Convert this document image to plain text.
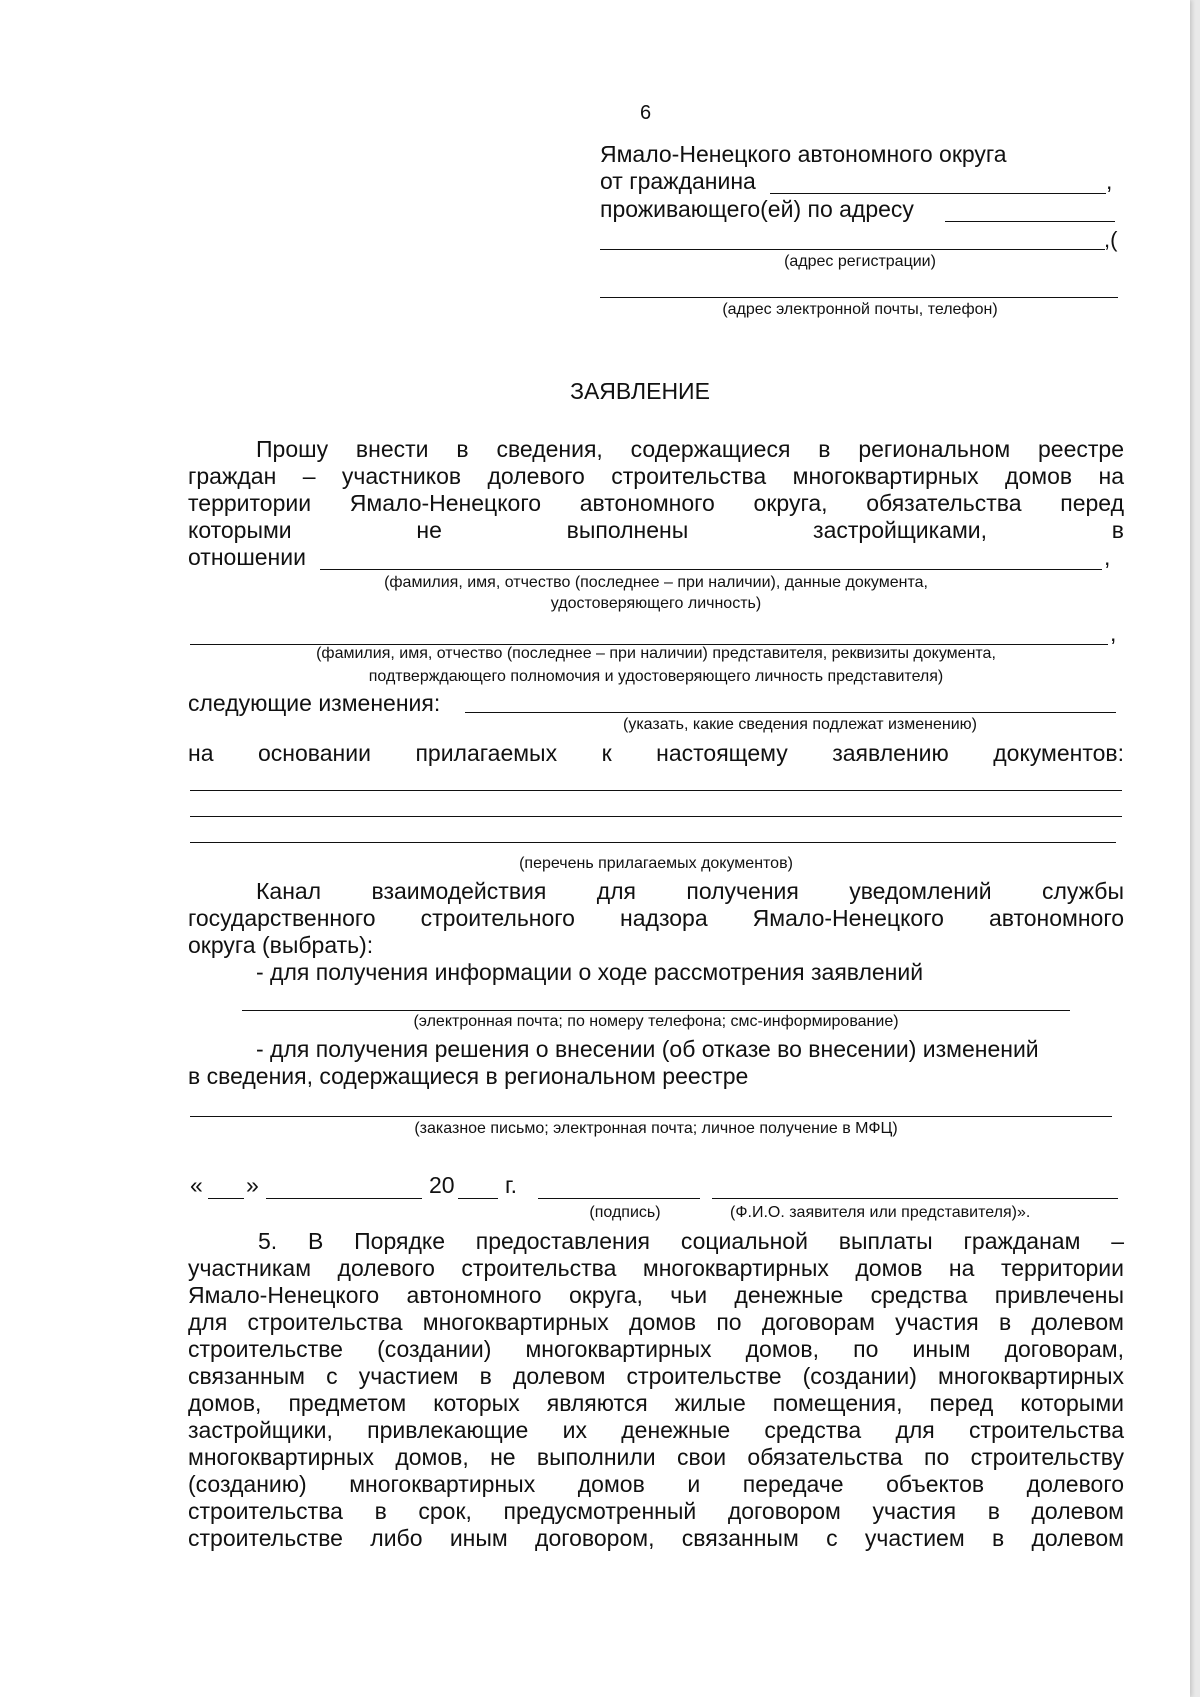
6
Ямало-Ненецкого автономного округа
от гражданина	,
проживающего(ей) по адресу
,(
(адрес регистрации)
(адрес электронной почты, телефон)
ЗАЯВЛЕНИЕ
Прошу внести в сведения, содержащиеся в региональном реестре
граждан – участников долевого строительства многоквартирных домов на
территории Ямало-Ненецкого автономного округа, обязательства перед
которыми не выполнены застройщиками, в
отношении	,
(фамилия, имя, отчество (последнее – при наличии), данные документа,
удостоверяющего личность)
,
(фамилия, имя, отчество (последнее – при наличии) представителя, реквизиты документа,
подтверждающего полномочия и удостоверяющего личность представителя)
следующие изменения:
(указать, какие сведения подлежат изменению)
на основании прилагаемых к настоящему заявлению документов:
(перечень прилагаемых документов)
Канал взаимодействия для получения уведомлений службы
государственного строительного надзора Ямало-Ненецкого автономного
округа (выбрать):
- для получения информации о ходе рассмотрения заявлений
(электронная почта; по номеру телефона; смс-информирование)
- для получения решения о внесении (об отказе во внесении) изменений
в сведения, содержащиеся в региональном реестре
(заказное письмо; электронная почта; личное получение в МФЦ)
« »	20 г.
(подпись)	(Ф.И.О. заявителя или представителя)».
5. В Порядке предоставления социальной выплаты гражданам –
участникам долевого строительства многоквартирных домов на территории
Ямало-Ненецкого автономного округа, чьи денежные средства привлечены
для строительства многоквартирных домов по договорам участия в долевом
строительстве (создании) многоквартирных домов, по иным договорам,
связанным с участием в долевом строительстве (создании) многоквартирных
домов, предметом которых являются жилые помещения, перед которыми
застройщики, привлекающие их денежные средства для строительства
многоквартирных домов, не выполнили свои обязательства по строительству
(созданию) многоквартирных домов и передаче объектов долевого
строительства в срок, предусмотренный договором участия в долевом
строительстве либо иным договором, связанным с участием в долевом
